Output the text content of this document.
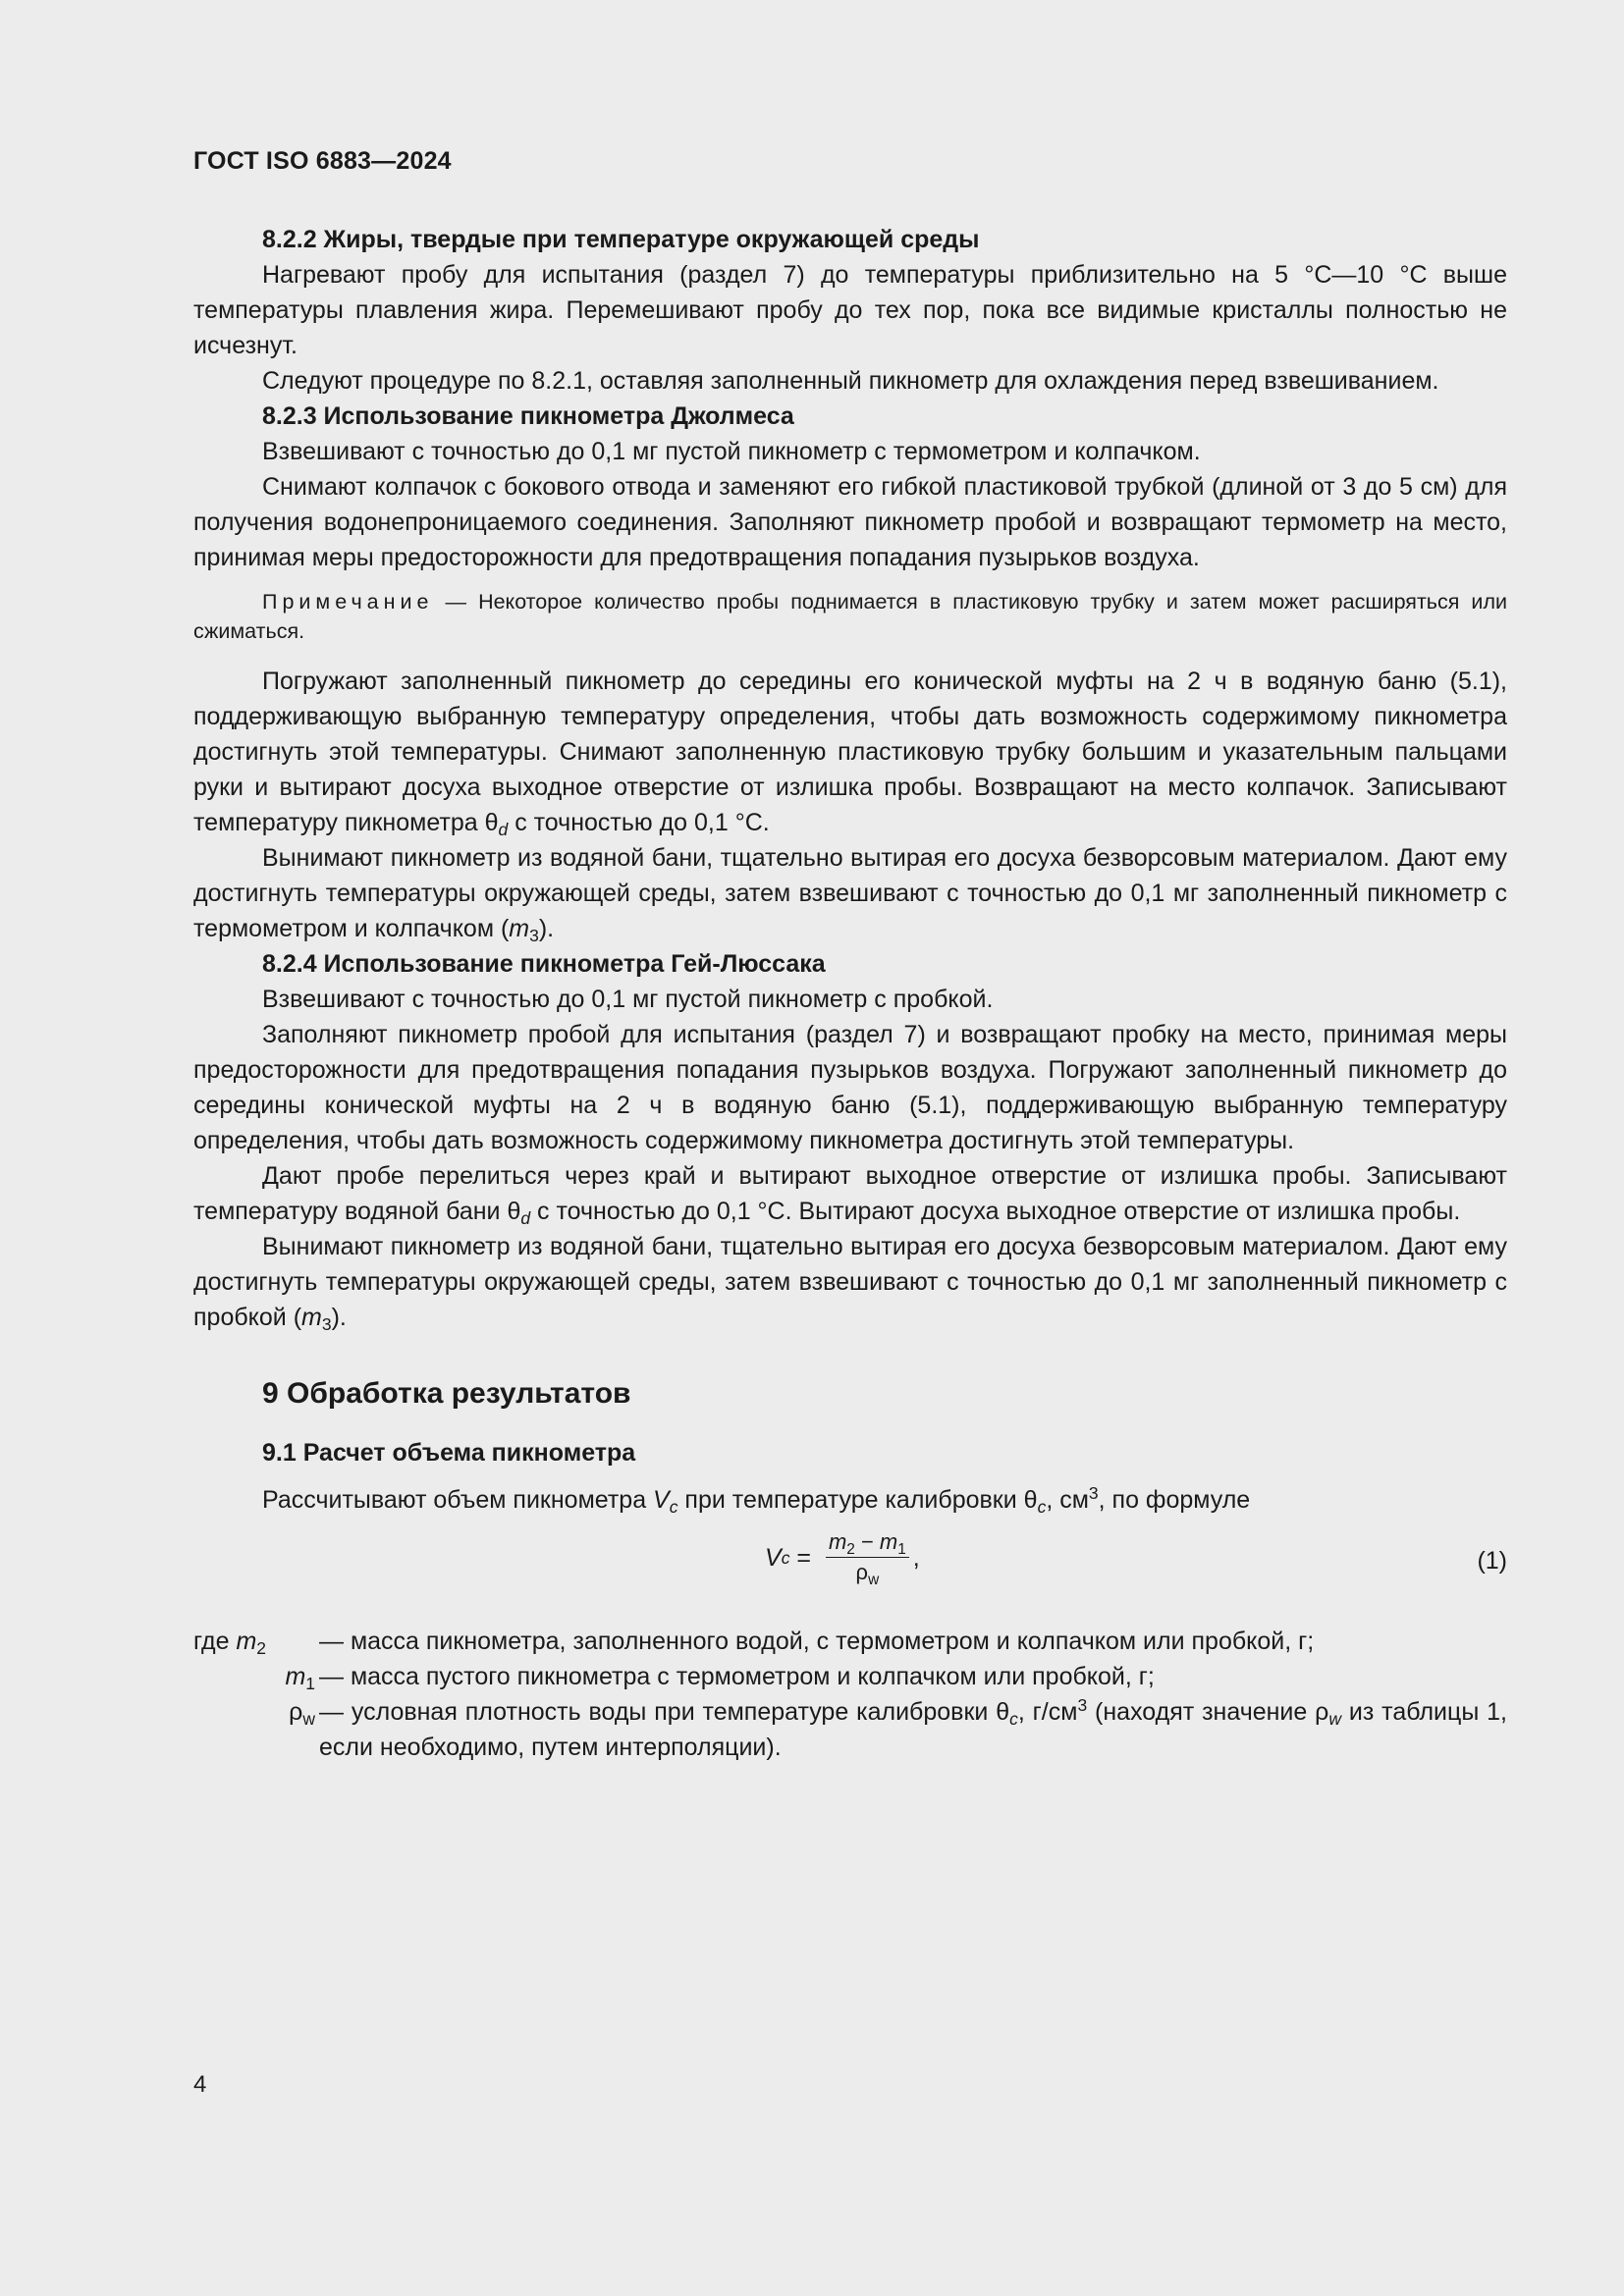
ГОСТ ISO 6883—2024

8.2.2 Жиры, твердые при температуре окружающей среды

Нагревают пробу для испытания (раздел 7) до температуры приблизительно на 5 °С—10 °С выше температуры плавления жира. Перемешивают пробу до тех пор, пока все видимые кристаллы полностью не исчезнут.

Следуют процедуре по 8.2.1, оставляя заполненный пикнометр для охлаждения перед взвешиванием.

8.2.3 Использование пикнометра Джолмеса

Взвешивают с точностью до 0,1 мг пустой пикнометр с термометром и колпачком.

Снимают колпачок с бокового отвода и заменяют его гибкой пластиковой трубкой (длиной от 3 до 5 см) для получения водонепроницаемого соединения. Заполняют пикнометр пробой и возвращают термометр на место, принимая меры предосторожности для предотвращения попадания пузырьков воздуха.

Примечание — Некоторое количество пробы поднимается в пластиковую трубку и затем может расширяться или сжиматься.

Погружают заполненный пикнометр до середины его конической муфты на 2 ч в водяную баню (5.1), поддерживающую выбранную температуру определения, чтобы дать возможность содержимому пикнометра достигнуть этой температуры. Снимают заполненную пластиковую трубку большим и указательным пальцами руки и вытирают досуха выходное отверстие от излишка пробы. Возвращают на место колпачок. Записывают температуру пикнометра $\theta_d$ с точностью до 0,1 °С.

Вынимают пикнометр из водяной бани, тщательно вытирая его досуха безворсовым материалом. Дают ему достигнуть температуры окружающей среды, затем взвешивают с точностью до 0,1 мг заполненный пикнометр с термометром и колпачком $(m_3)$.

8.2.4 Использование пикнометра Гей-Люссака

Взвешивают с точностью до 0,1 мг пустой пикнометр с пробкой.

Заполняют пикнометр пробой для испытания (раздел 7) и возвращают пробку на место, принимая меры предосторожности для предотвращения попадания пузырьков воздуха. Погружают заполненный пикнометр до середины конической муфты на 2 ч в водяную баню (5.1), поддерживающую выбранную температуру определения, чтобы дать возможность содержимому пикнометра достигнуть этой температуры.

Дают пробе перелиться через край и вытирают выходное отверстие от излишка пробы. Записывают температуру водяной бани $\theta_d$ с точностью до 0,1 °С. Вытирают досуха выходное отверстие от излишка пробы.

Вынимают пикнометр из водяной бани, тщательно вытирая его досуха безворсовым материалом. Дают ему достигнуть температуры окружающей среды, затем взвешивают с точностью до 0,1 мг заполненный пикнометр с пробкой $(m_3)$.

9 Обработка результатов
9.1 Расчет объема пикнометра

Рассчитывают объем пикнометра $V_c$ при температуре калибровки $\theta_c$, $см^3$, по формуле

V $c = \frac{m_2 - m_1}{\rho_w}$ ,	(1)
где $m_2$	— масса пикнометра, заполненного водой, с термометром и колпачком или пробкой, г;
$m_1$ — масса пустого пикнометра с термометром и колпачком или пробкой, г;
$\rho_w$ — условная плотность воды при температуре калибровки $\theta_c$, $г/см^3$ (находят значение $\rho_w$ из таблицы 1, если необходимо, путем интерполяции).
4
